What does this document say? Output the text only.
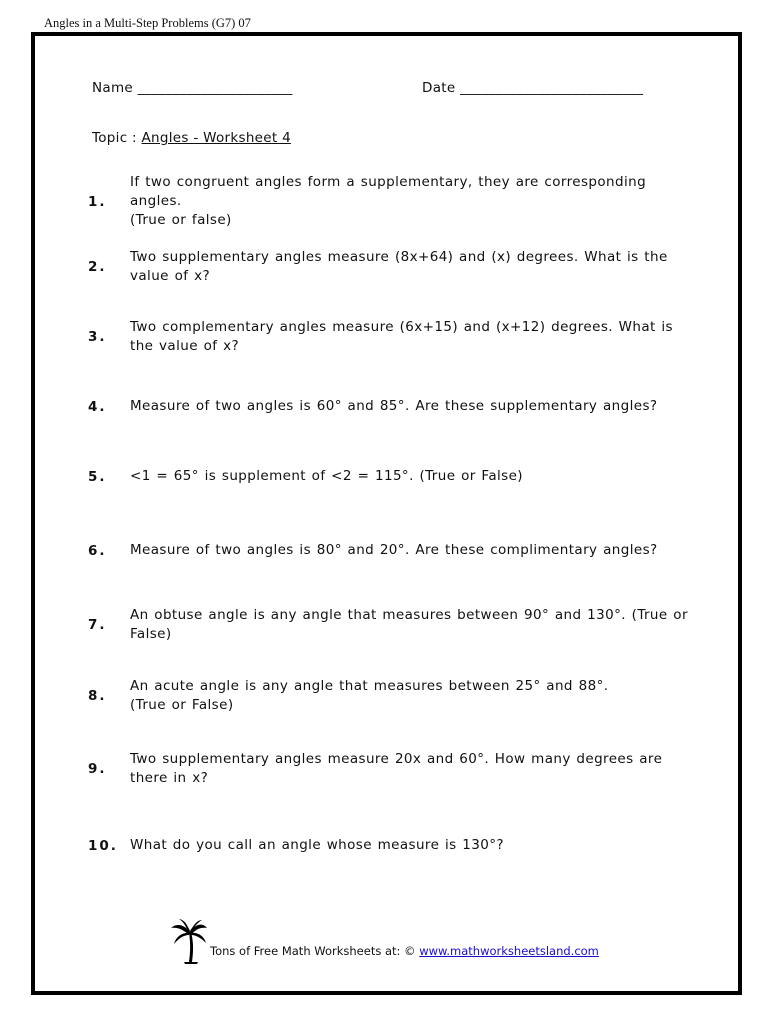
Angles in a Multi-Step Problems (G7) 07
Name ______________________	Date __________________________
Topic : Angles - Worksheet 4
1.
If two congruent angles form a supplementary, they are corresponding
angles.
(True or false)
2.
Two supplementary angles measure (8x+64) and (x) degrees. What is the
value of x?
3.
Two complementary angles measure (6x+15) and (x+12) degrees. What is
the value of x?
4.	Measure of two angles is 60° and 85°. Are these supplementary angles?
5.	<1 = 65° is supplement of <2 = 115°. (True or False)
6.	Measure of two angles is 80° and 20°. Are these complimentary angles?
7.
An obtuse angle is any angle that measures between 90° and 130°. (True or
False)
8.
An acute angle is any angle that measures between 25° and 88°.
(True or False)
9.
Two supplementary angles measure 20x and 60°. How many degrees are
there in x?
10. What do you call an angle whose measure is 130°?
Tons of Free Math Worksheets at: © www.mathworksheetsland.com
